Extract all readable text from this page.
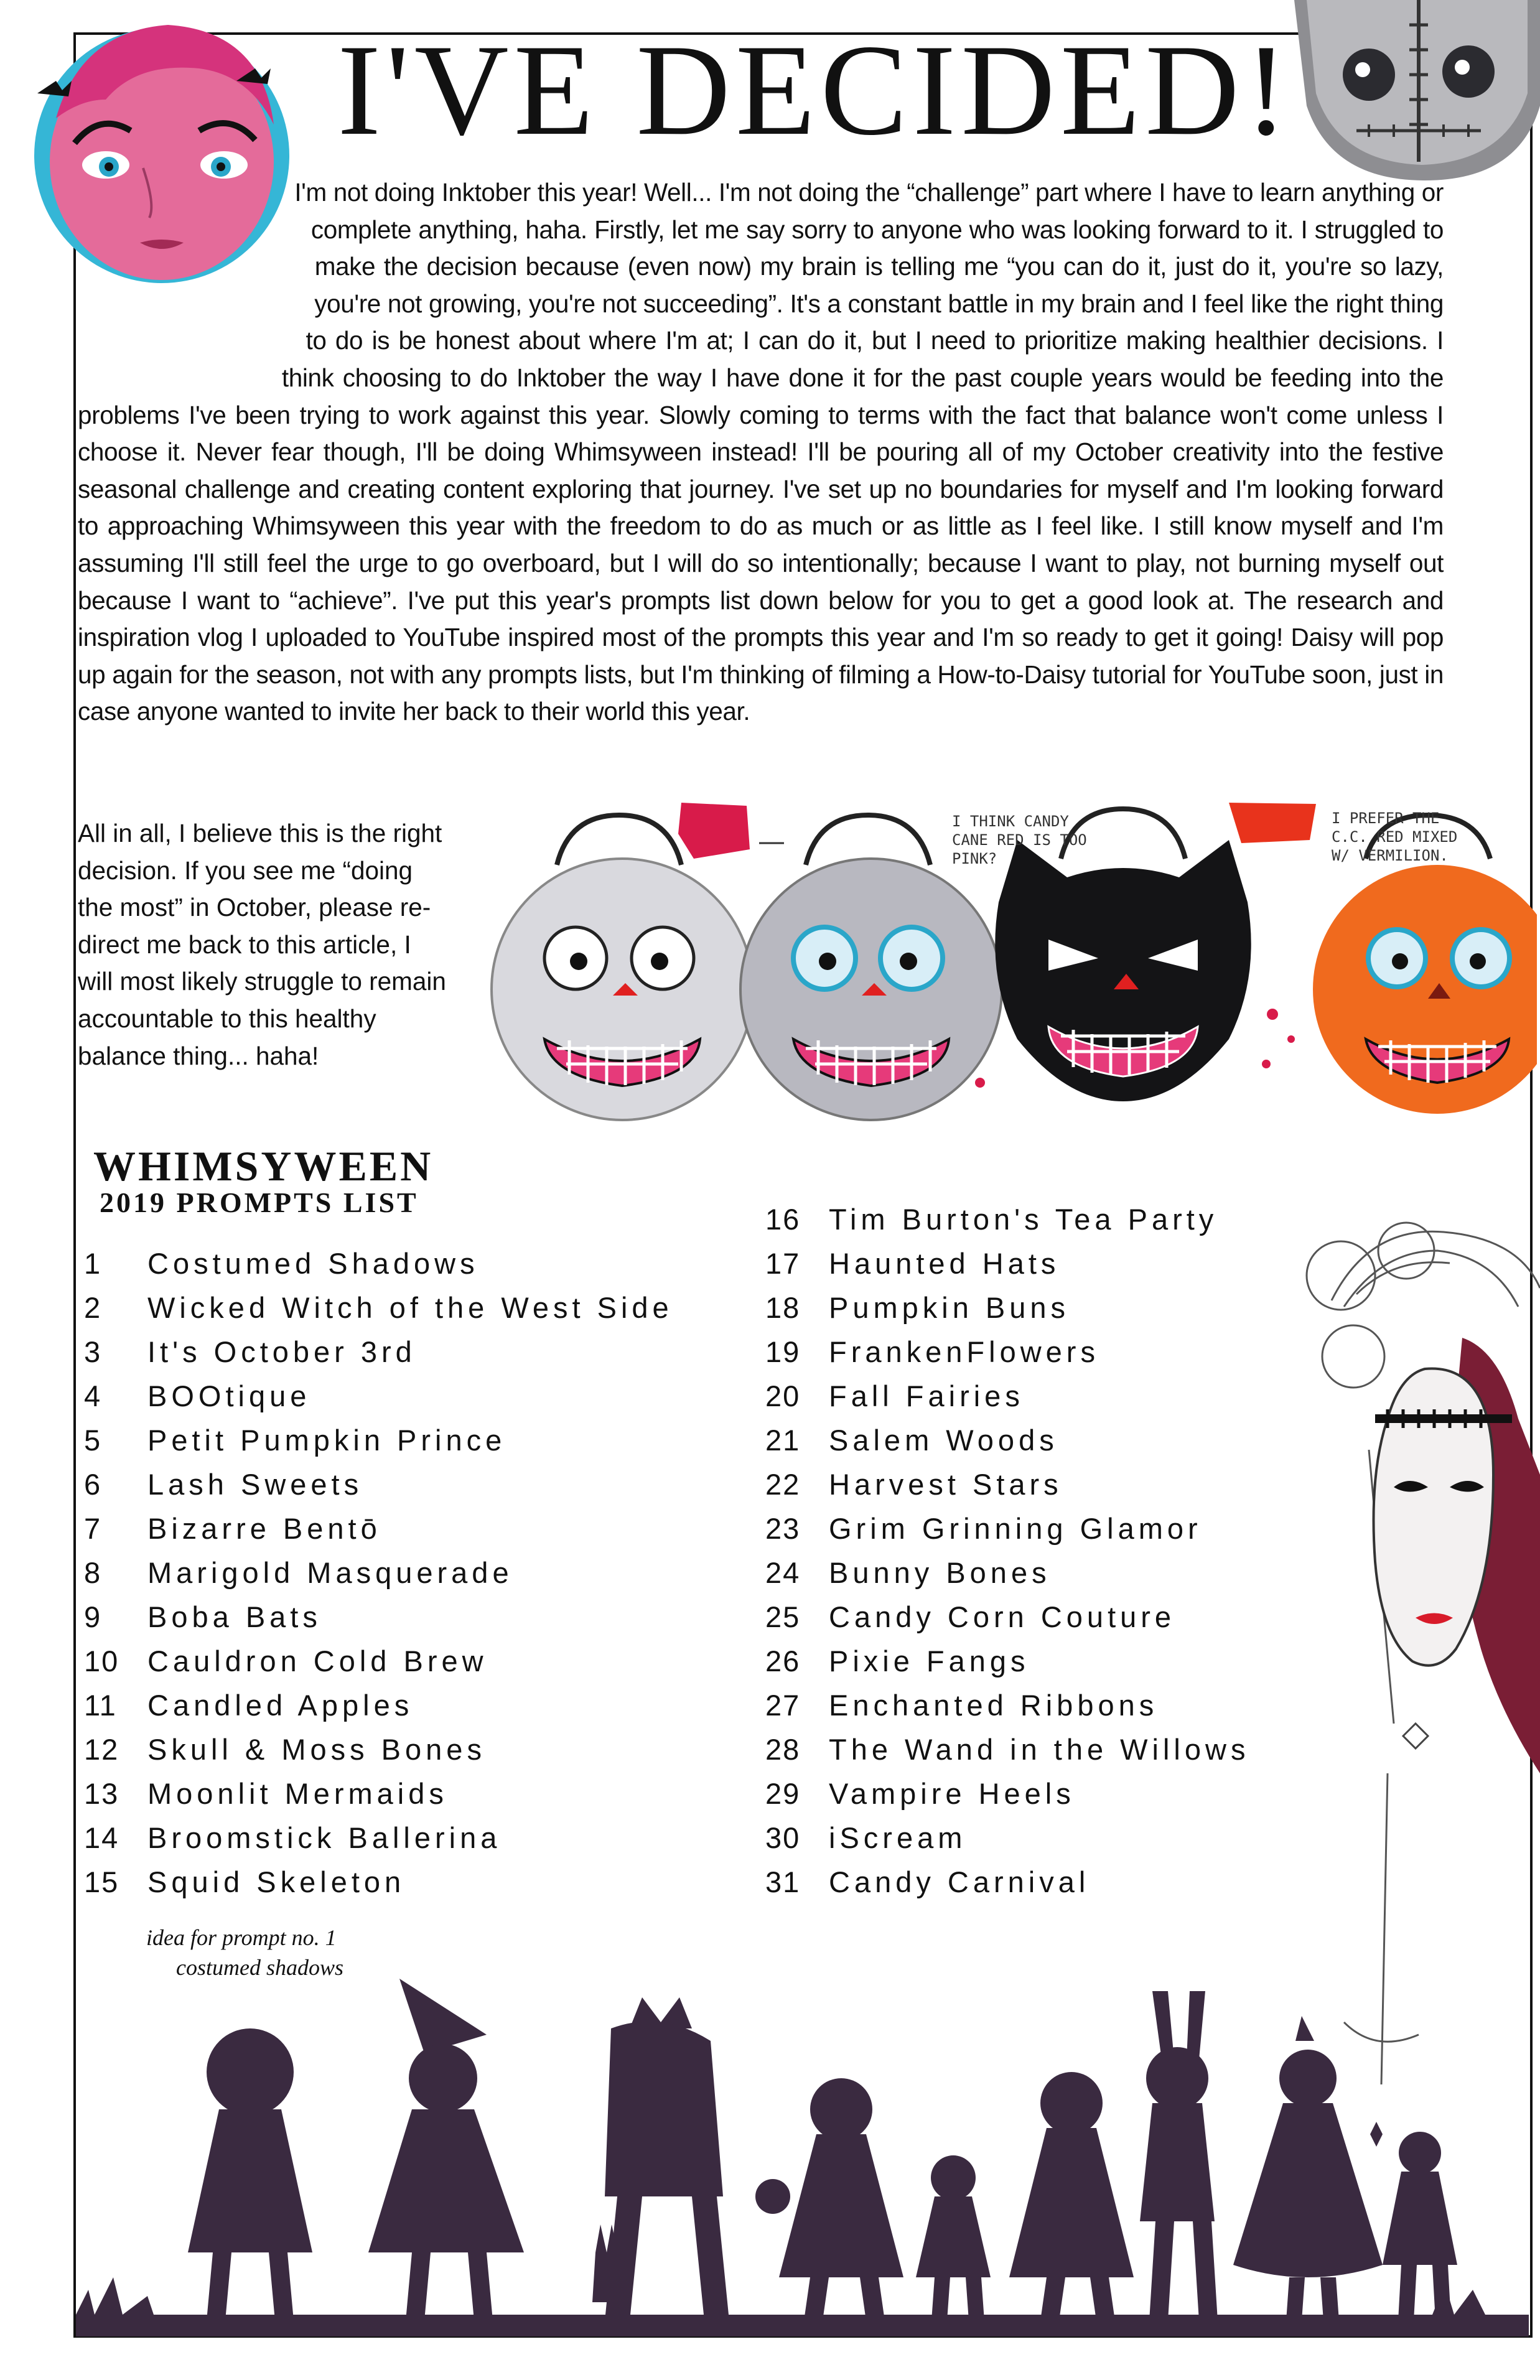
I'VE DECIDED!

I'm not doing Inktober this year! Well... I'm not doing the “challenge” part where I have to learn anything or complete anything, haha. Firstly, let me say sorry to anyone who was looking forward to it. I struggled to make the decision because (even now) my brain is telling me “you can do it, just do it, you're so lazy, you're not growing, you're not succeeding”. It's a constant battle in my brain and I feel like the right thing to do is be honest about where I'm at; I can do it, but I need to prioritize making healthier decisions. I think choosing to do Inktober the way I have done it for the past couple years would be feeding into the problems I've been trying to work against this year. Slowly coming to terms with the fact that balance won't come unless I choose it. Never fear though, I'll be doing Whimsyween instead! I'll be pouring all of my October creativity into the festive seasonal challenge and creating content exploring that journey. I've set up no boundaries for myself and I'm looking forward to approaching Whimsyween this year with the freedom to do as much or as little as I feel like. I still know myself and I'm assuming I'll still feel the urge to go overboard, but I will do so intentionally; because I want to play, not burning myself out because I want to “achieve”. I've put this year's prompts list down below for you to get a good look at. The research and inspiration vlog I uploaded to YouTube inspired most of the prompts this year and I'm so ready to get it going! Daisy will pop up again for the season, not with any prompts lists, but I'm thinking of filming a How-to-Daisy tutorial for YouTube soon, just in case anyone wanted to invite her back to their world this year.

All in all, I believe this is the right decision. If you see me “doing the most” in October, please re-direct me back to this article, I will most likely struggle to remain accountable to this healthy balance thing... haha!

I THINK CANDY CANE RED IS TOO PINK?
I PREFER THE C.C. RED MIXED W/ VERMILION.
WHIMSYWEEN
2019 PROMPTS LIST
1 Costumed Shadows
2 Wicked Witch of the West Side
3 It's October 3rd
4 BOOtique
5 Petit Pumpkin Prince
6 Lash Sweets
7 Bizarre Bentō
8 Marigold Masquerade
9 Boba Bats
10 Cauldron Cold Brew
11 Candled Apples
12 Skull & Moss Bones
13 Moonlit Mermaids
14 Broomstick Ballerina
15 Squid Skeleton
16 Tim Burton's Tea Party
17 Haunted Hats
18 Pumpkin Buns
19 FrankenFlowers
20 Fall Fairies
21 Salem Woods
22 Harvest Stars
23 Grim Grinning Glamor
24 Bunny Bones
25 Candy Corn Couture
26 Pixie Fangs
27 Enchanted Ribbons
28 The Wand in the Willows
29 Vampire Heels
30 iScream
31 Candy Carnival

idea for prompt no. 1
costumed shadows
